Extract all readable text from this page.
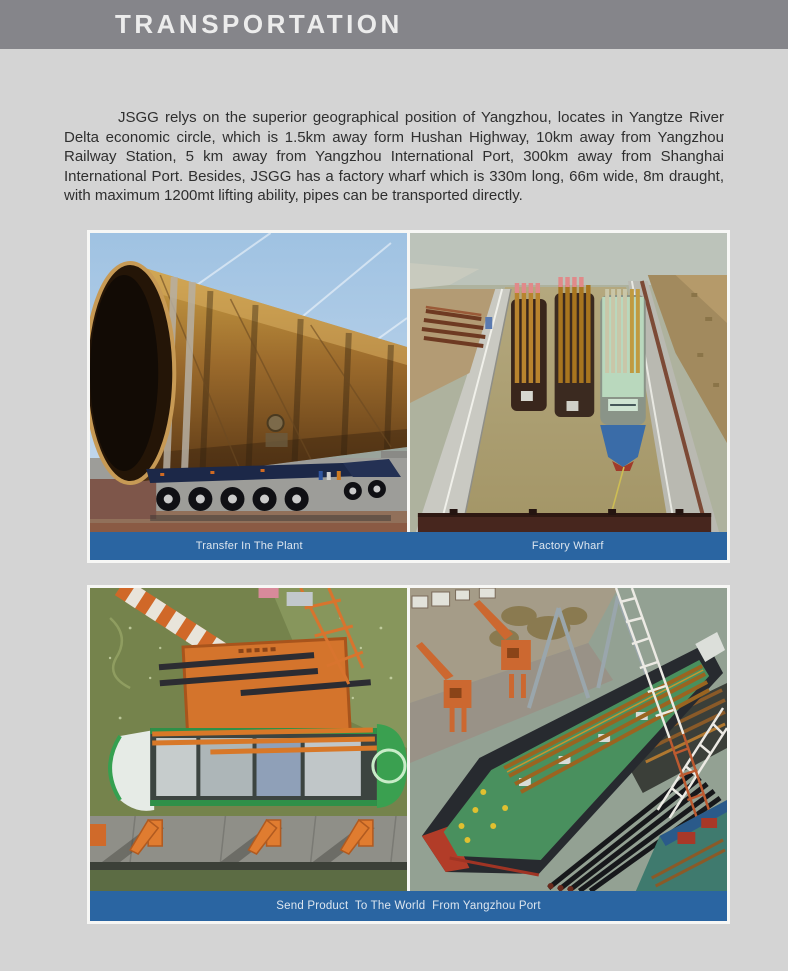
TRANSPORTATION

JSGG relys on the superior geographical position of Yangzhou, locates in Yangtze River Delta economic circle, which is 1.5km away form Hushan Highway, 10km away from Yangzhou Railway Station, 5 km away from Yangzhou International Port, 300km away from Shanghai International Port. Besides, JSGG has a factory wharf which is 330m long, 66m wide, 8m draught, with maximum 1200mt lifting ability, pipes can be transported directly.

Transfer In The Plant	Factory Wharf
Send Product  To The World  From Yangzhou Port
